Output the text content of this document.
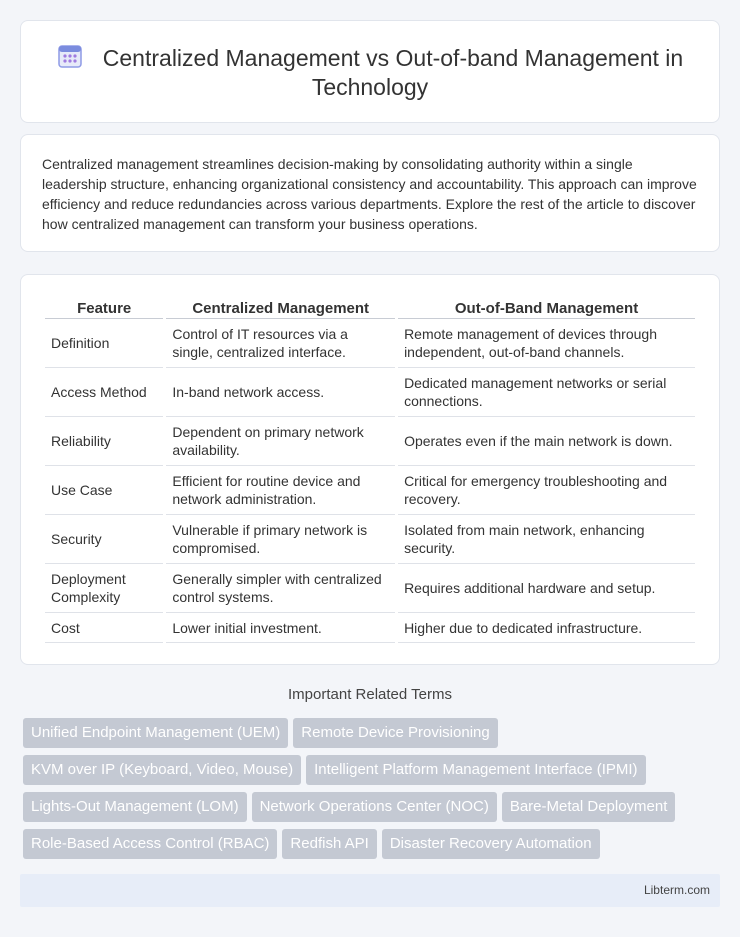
Centralized Management vs Out-of-band Management in Technology

Centralized management streamlines decision-making by consolidating authority within a single leadership structure, enhancing organizational consistency and accountability. This approach can improve efficiency and reduce redundancies across various departments. Explore the rest of the article to discover how centralized management can transform your business operations.

Feature	Centralized Management	Out-of-Band Management
Definition	Control of IT resources via a single, centralized interface.	Remote management of devices through independent, out-of-band channels.
Access Method	In-band network access.	Dedicated management networks or serial connections.
Reliability	Dependent on primary network availability.	Operates even if the main network is down.
Use Case	Efficient for routine device and network administration.	Critical for emergency troubleshooting and recovery.
Security	Vulnerable if primary network is compromised.	Isolated from main network, enhancing security.
Deployment Complexity	Generally simpler with centralized control systems.	Requires additional hardware and setup.
Cost	Lower initial investment.	Higher due to dedicated infrastructure.
Important Related Terms
Unified Endpoint Management (UEM) Remote Device Provisioning
KVM over IP (Keyboard, Video, Mouse) Intelligent Platform Management Interface (IPMI)
Lights-Out Management (LOM) Network Operations Center (NOC) Bare-Metal Deployment
Role-Based Access Control (RBAC) Redfish API Disaster Recovery Automation
Libterm.com
